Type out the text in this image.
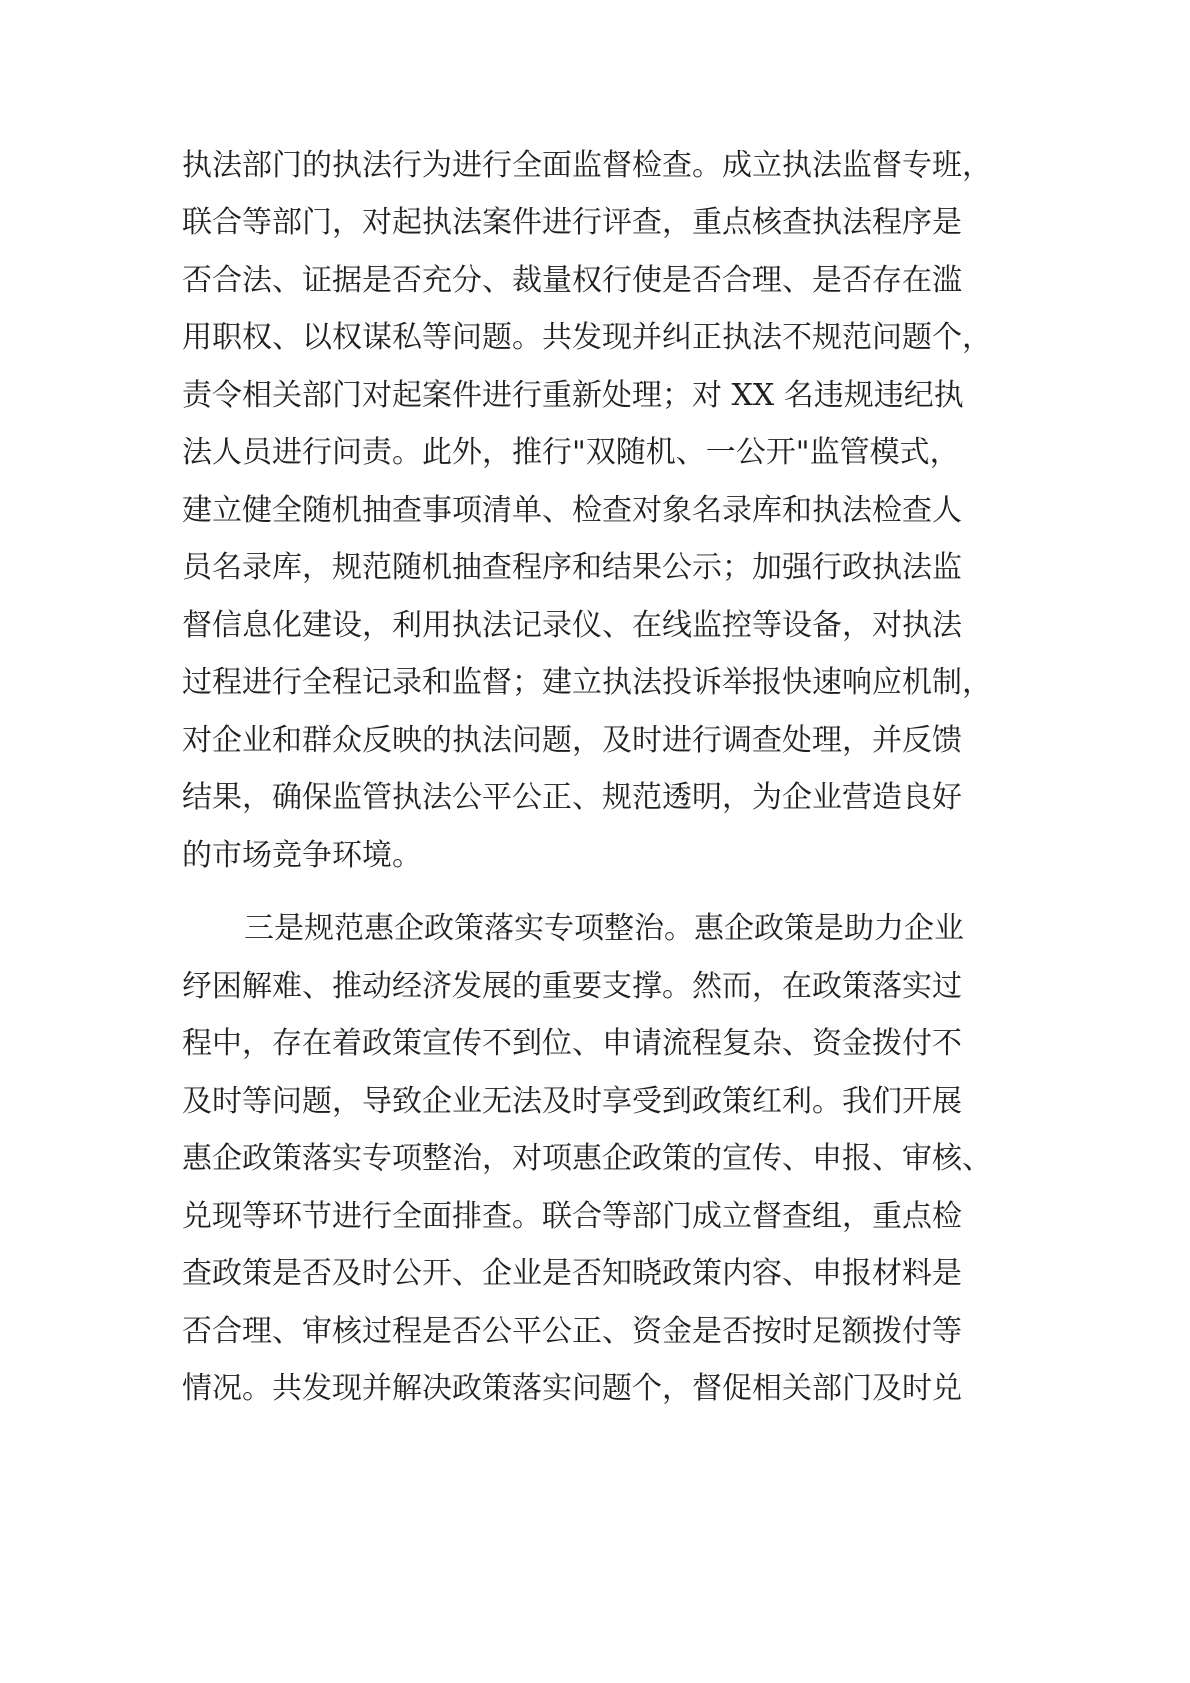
执法部门的执法行为进行全面监督检查。成立执法监督专班，
联合等部门，对起执法案件进行评查，重点核查执法程序是
否合法、证据是否充分、裁量权行使是否合理、是否存在滥
用职权、以权谋私等问题。共发现并纠正执法不规范问题个，
责令相关部门对起案件进行重新处理；对 XX 名违规违纪执
法人员进行问责。此外，推行"双随机、一公开"监管模式，
建立健全随机抽查事项清单、检查对象名录库和执法检查人
员名录库，规范随机抽查程序和结果公示；加强行政执法监
督信息化建设，利用执法记录仪、在线监控等设备，对执法
过程进行全程记录和监督；建立执法投诉举报快速响应机制，
对企业和群众反映的执法问题，及时进行调查处理，并反馈
结果，确保监管执法公平公正、规范透明，为企业营造良好
的市场竞争环境。
三是规范惠企政策落实专项整治。惠企政策是助力企业
纾困解难、推动经济发展的重要支撑。然而，在政策落实过
程中，存在着政策宣传不到位、申请流程复杂、资金拨付不
及时等问题，导致企业无法及时享受到政策红利。我们开展
惠企政策落实专项整治，对项惠企政策的宣传、申报、审核、
兑现等环节进行全面排查。联合等部门成立督查组，重点检
查政策是否及时公开、企业是否知晓政策内容、申报材料是
否合理、审核过程是否公平公正、资金是否按时足额拨付等
情况。共发现并解决政策落实问题个，督促相关部门及时兑
